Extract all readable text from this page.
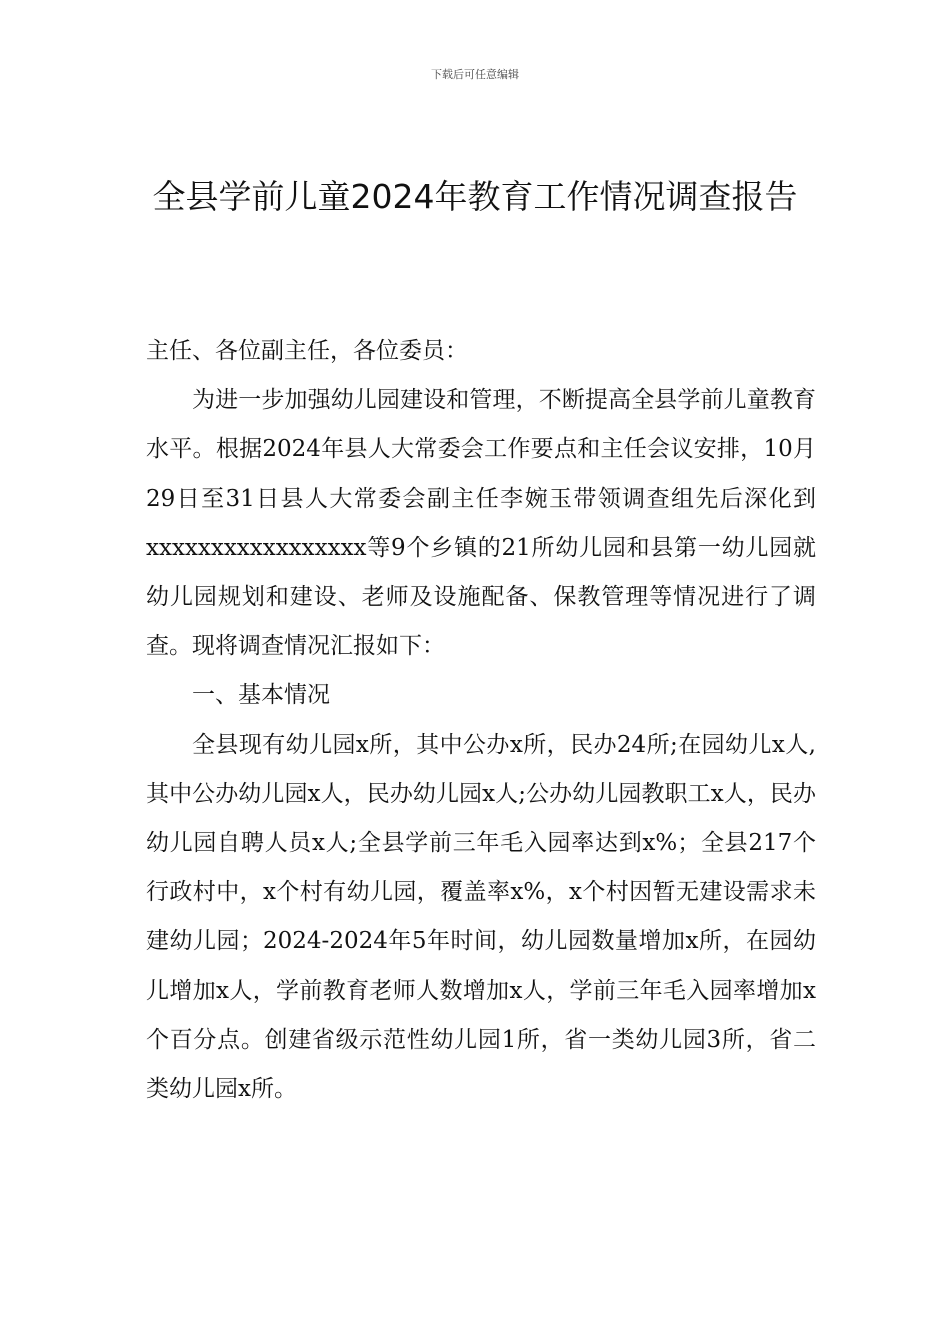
下载后可任意编辑
全县学前儿童2024年教育工作情况调查报告

主任、各位副主任，各位委员：

为进一步加强幼儿园建设和管理，不断提高全县学前儿童教育水平。根据2024年县人大常委会工作要点和主任会议安排，10月29日至31日县人大常委会副主任李婉玉带领调查组先后深化到xxxxxxxxxxxxxxxxx等9个乡镇的21所幼儿园和县第一幼儿园就幼儿园规划和建设、老师及设施配备、保教管理等情况进行了调查。现将调查情况汇报如下：

一、基本情况

全县现有幼儿园x所，其中公办x所，民办24所;在园幼儿x人,其中公办幼儿园x人，民办幼儿园x人;公办幼儿园教职工x人，民办幼儿园自聘人员x人;全县学前三年毛入园率达到x%；全县217个行政村中，x个村有幼儿园，覆盖率x%，x个村因暂无建设需求未建幼儿园；2024-2024年5年时间，幼儿园数量增加x所，在园幼儿增加x人，学前教育老师人数增加x人，学前三年毛入园率增加x个百分点。创建省级示范性幼儿园1所，省一类幼儿园3所，省二类幼儿园x所。
